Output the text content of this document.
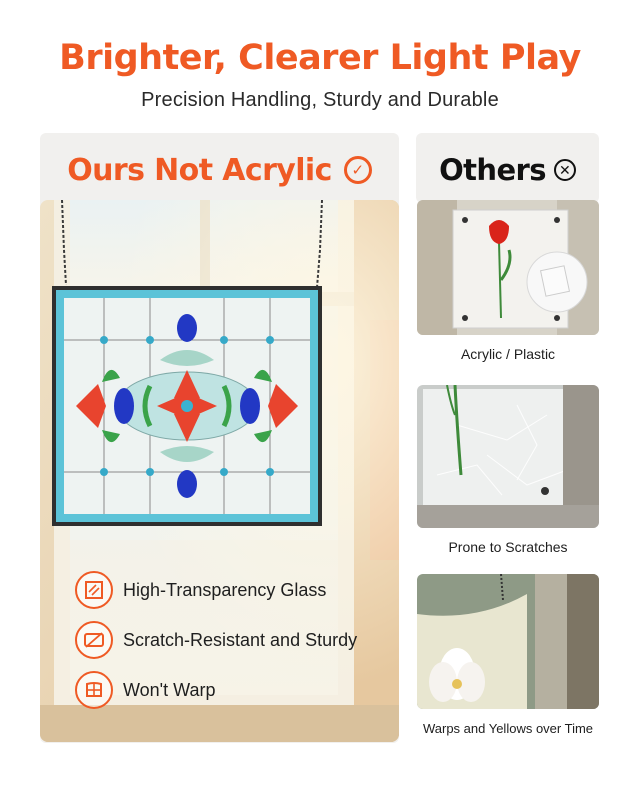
Brighter, Clearer Light Play
Precision Handling, Sturdy and Durable
Ours Not Acrylic	✓
High-Transparency Glass
Scratch-Resistant and Sturdy
Won't Warp
Others ✕
Acrylic / Plastic
Prone to Scratches
Warps and Yellows over Time
